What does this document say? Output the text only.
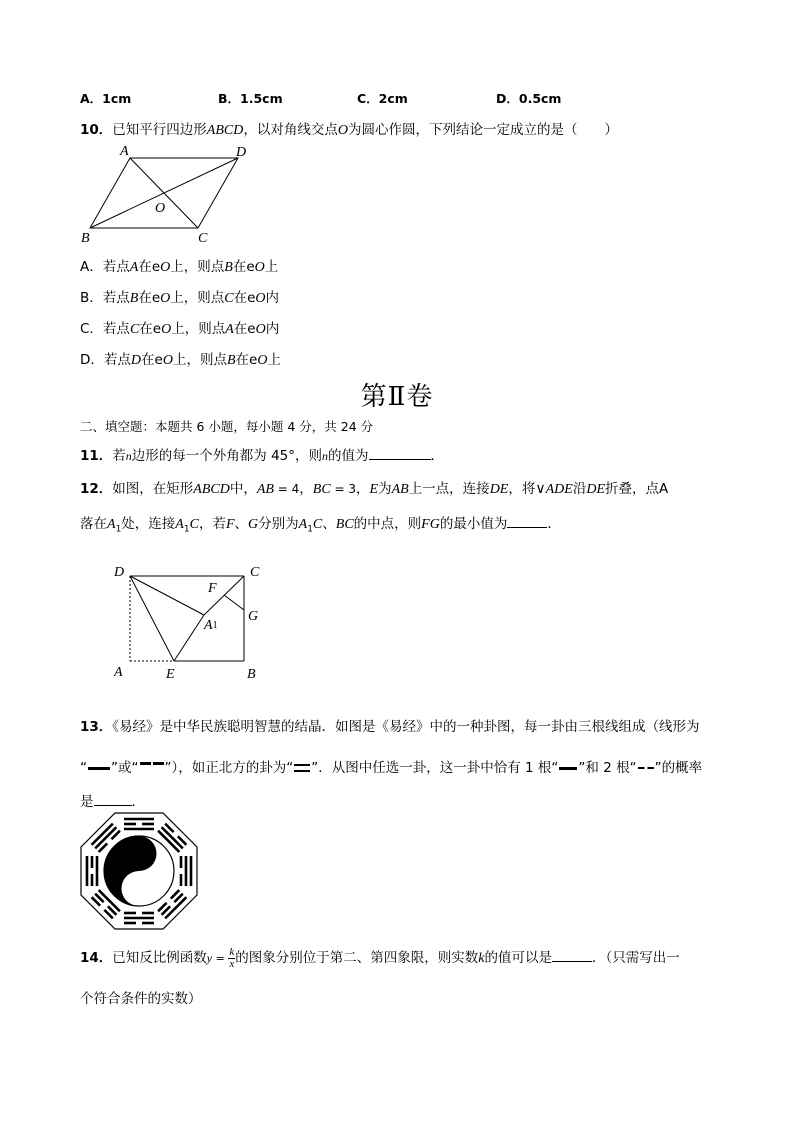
A．1cm	B．1.5cm	C．2cm	D．0.5cm
10．已知平行四边形ABCD，以对角线交点O为圆心作圆，下列结论一定成立的是（　　）
A	D
B	C
O
A．若点A在eO上，则点B在eO上
B．若点B在eO上，则点C在eO内
C．若点C在eO上，则点A在eO内
D．若点D在eO上，则点B在eO上
第Ⅱ卷
二、填空题：本题共 6 小题，每小题 4 分，共 24 分
11．若n边形的每一个外角都为 45°，则n的值为	．
12．如图，在矩形ABCD中，AB = 4，BC = 3，E为AB上一点，连接DE，将∨ADE沿DE折叠，点A
落在$A_1$处，连接$A_1C$，若F、G分别为$A_1C$、BC的中点，则FG的最小值为	．
D	C
F
G
A1
A	E	B
13．《易经》是中华民族聪明智慧的结晶．如图是《易经》中的一种卦图，每一卦由三根线组成（线形为
“ ”或“ ”），如正北方的卦为“ ”．从图中任选一卦，这一卦中恰有 1 根“ ”和 2 根“ ”的概率
是	．
14．已知反比例函数$y = \frac{k}{x}$ 的图象分别位于第二、第四象限，则实数k的值可以是	．（只需写出一
个符合条件的实数）
